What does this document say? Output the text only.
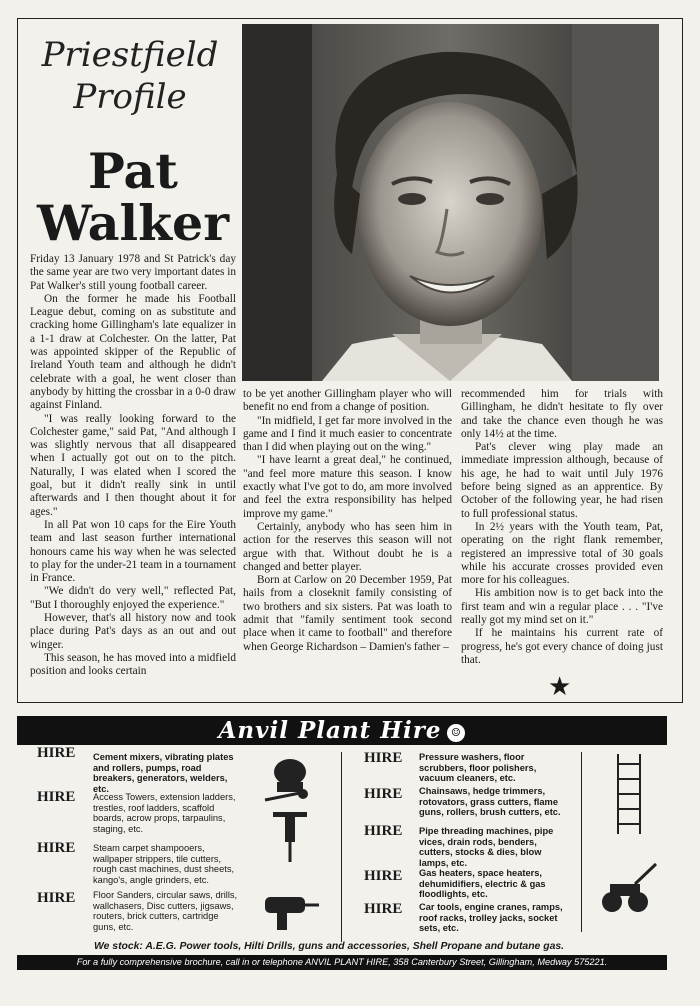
Priestfield
Profile
Pat
Walker

Friday 13 January 1978 and St Patrick's day the same year are two very important dates in Pat Walker's still young football career.

On the former he made his Football League debut, coming on as substitute and cracking home Gillingham's late equalizer in a 1-1 draw at Colchester. On the latter, Pat was appointed skipper of the Republic of Ireland Youth team and although he didn't celebrate with a goal, he went closer than anybody by hitting the crossbar in a 0-0 draw against Finland.

"I was really looking forward to the Colchester game," said Pat, "And although I was slightly nervous that all disappeared when I actually got out on to the pitch. Naturally, I was elated when I scored the goal, but it didn't really sink in until afterwards and I then thought about it for ages."

In all Pat won 10 caps for the Eire Youth team and last season further international honours came his way when he was selected to play for the under-21 team in a tournament in France.

"We didn't do very well," reflected Pat, "But I thoroughly enjoyed the experience."

However, that's all history now and took place during Pat's days as an out and out winger.

This season, he has moved into a midfield position and looks certain

to be yet another Gillingham player who will benefit no end from a change of position.

"In midfield, I get far more involved in the game and I find it much easier to concentrate than I did when playing out on the wing."

"I have learnt a great deal," he continued, "and feel more mature this season. I know exactly what I've got to do, am more involved and feel the extra responsibility has helped improve my game."

Certainly, anybody who has seen him in action for the reserves this season will not argue with that. Without doubt he is a changed and better player.

Born at Carlow on 20 December 1959, Pat hails from a closeknit family consisting of two brothers and six sisters. Pat was loath to admit that "family sentiment took second place when it came to football" and therefore when George Richardson – Damien's father –

recommended him for trials with Gillingham, he didn't hesitate to fly over and take the chance even though he was only 14½ at the time.

Pat's clever wing play made an immediate impression although, because of his age, he had to wait until July 1976 before being signed as an apprentice. By October of the following year, he had risen to full professional status.

In 2½ years with the Youth team, Pat, operating on the right flank remember, registered an impressive total of 30 goals while his accurate crosses provided even more for his colleagues.

His ambition now is to get back into the first team and win a regular place . . . "I've really got my mind set on it."

If he maintains his current rate of progress, he's got every chance of doing just that.

★
Anvil Plant Hire ☺
HIRE Cement mixers, vibrating plates and rollers, pumps, road breakers, generators, welders, etc.
HIRE Access Towers, extension ladders, trestles, roof ladders, scaffold boards, acrow props, tarpaulins, staging, etc.
HIRE Steam carpet shampooers, wallpaper strippers, tile cutters, rough cast machines, dust sheets, kango's, angle grinders, etc.
HIRE Floor Sanders, circular saws, drills, wallchasers, Disc cutters, jigsaws, routers, brick cutters, cartridge guns, etc.
HIRE Pressure washers, floor scrubbers, floor polishers, vacuum cleaners, etc.
HIRE Chainsaws, hedge trimmers, rotovators, grass cutters, flame guns, rollers, brush cutters, etc.
HIRE Pipe threading machines, pipe vices, drain rods, benders, cutters, stocks & dies, blow lamps, etc.
HIRE Gas heaters, space heaters, dehumidifiers, electric & gas floodlights, etc.
HIRE Car tools, engine cranes, ramps, roof racks, trolley jacks, socket sets, etc.
We stock: A.E.G. Power tools, Hilti Drills, guns and accessories, Shell Propane and butane gas.
For a fully comprehensive brochure, call in or telephone ANVIL PLANT HIRE, 358 Canterbury Street, Gillingham, Medway 575221.
